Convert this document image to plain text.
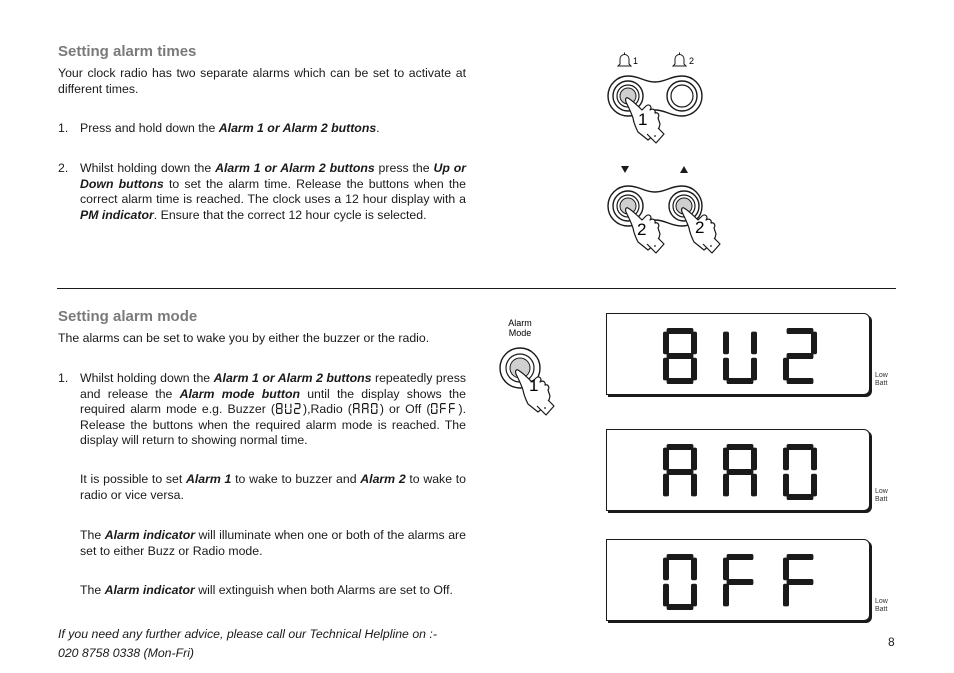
Setting alarm times

Your clock radio has two separate alarms which can be set to activate at different times.

1. Press and hold down the Alarm 1 or Alarm 2 buttons.
2. Whilst holding down the Alarm 1 or Alarm 2 buttons press the Up or Down buttons to set the alarm time. Release the buttons when the correct alarm time is reached. The clock uses a 12 hour display with a PM indicator. Ensure that the correct 12 hour cycle is selected.
1	2
1
2	2
Setting alarm mode

The alarms can be set to wake you by either the buzzer or the radio.

1. Whilst holding down the Alarm 1 or Alarm 2 buttons repeatedly press and release the Alarm mode button until the display shows the required alarm mode e.g. Buzzer ( ),Radio ( ) or Off ( ). Release the buttons when the required alarm mode is reached. The display will return to showing normal time.

It is possible to set Alarm 1 to wake to buzzer and Alarm 2 to wake to radio or vice versa.

The Alarm indicator will illuminate when one or both of the alarms are set to either Buzz or Radio mode.

The Alarm indicator will extinguish when both Alarms are set to Off.

Alarm
Mode
1
Low
Batt
Low
Batt
Low
Batt

If you need any further advice, please call our Technical Helpline on :-

020 8758 0338 (Mon-Fri)

8
